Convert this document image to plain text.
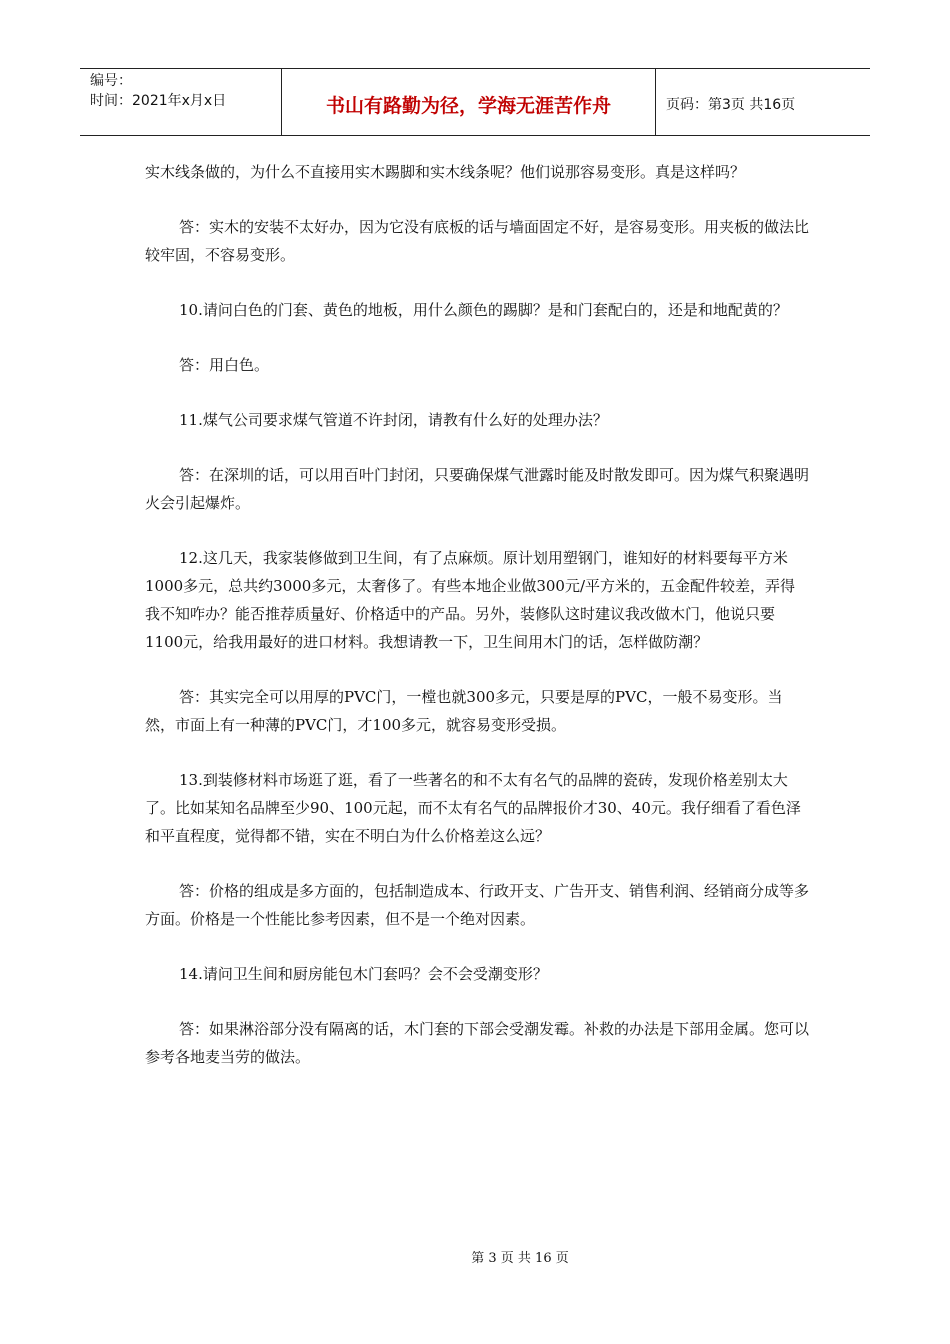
编号：
时间：2021年x月x日	书山有路勤为径，学海无涯苦作舟	页码：第3页 共16页

实木线条做的，为什么不直接用实木踢脚和实木线条呢？他们说那容易变形。真是这样吗？

答：实木的安装不太好办，因为它没有底板的话与墙面固定不好，是容易变形。用夹板的做法比较牢固，不容易变形。

10.请问白色的门套、黄色的地板，用什么颜色的踢脚？是和门套配白的，还是和地配黄的？

答：用白色。

11.煤气公司要求煤气管道不许封闭，请教有什么好的处理办法？

答：在深圳的话，可以用百叶门封闭，只要确保煤气泄露时能及时散发即可。因为煤气积聚遇明火会引起爆炸。

12.这几天，我家装修做到卫生间，有了点麻烦。原计划用塑钢门，谁知好的材料要每平方米1000多元，总共约3000多元，太奢侈了。有些本地企业做300元/平方米的，五金配件较差，弄得我不知咋办？能否推荐质量好、价格适中的产品。另外，装修队这时建议我改做木门，他说只要1100元，给我用最好的进口材料。我想请教一下，卫生间用木门的话，怎样做防潮？

答：其实完全可以用厚的PVC门，一樘也就300多元，只要是厚的PVC，一般不易变形。当然，市面上有一种薄的PVC门，才100多元，就容易变形受损。

13.到装修材料市场逛了逛，看了一些著名的和不太有名气的品牌的瓷砖，发现价格差别太大了。比如某知名品牌至少90、100元起，而不太有名气的品牌报价才30、40元。我仔细看了看色泽和平直程度，觉得都不错，实在不明白为什么价格差这么远？

答：价格的组成是多方面的，包括制造成本、行政开支、广告开支、销售利润、经销商分成等多方面。价格是一个性能比参考因素，但不是一个绝对因素。

14.请问卫生间和厨房能包木门套吗？会不会受潮变形？

答：如果淋浴部分没有隔离的话，木门套的下部会受潮发霉。补救的办法是下部用金属。您可以参考各地麦当劳的做法。

第 3 页 共 16 页
